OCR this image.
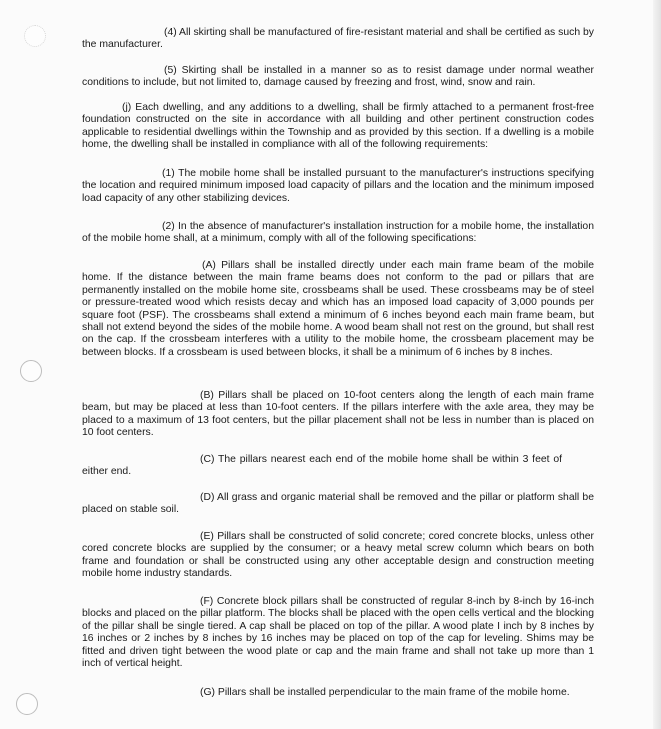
(4) All skirting shall be manufactured of fire-resistant material and shall be certified as such by the manufacturer.

(5) Skirting shall be installed in a manner so as to resist damage under normal weather conditions to include, but not limited to, damage caused by freezing and frost, wind, snow and rain.

(j) Each dwelling, and any additions to a dwelling, shall be firmly attached to a permanent frost-free foundation constructed on the site in accordance with all building and other pertinent construction codes applicable to residential dwellings within the Township and as provided by this section. If a dwelling is a mobile home, the dwelling shall be installed in compliance with all of the following requirements:

(1) The mobile home shall be installed pursuant to the manufacturer's instructions specifying the location and required minimum imposed load capacity of pillars and the location and the minimum imposed load capacity of any other stabilizing devices.

(2) In the absence of manufacturer's installation instruction for a mobile home, the installation of the mobile home shall, at a minimum, comply with all of the following specifications:

(A) Pillars shall be installed directly under each main frame beam of the mobile home. If the distance between the main frame beams does not conform to the pad or pillars that are permanently installed on the mobile home site, crossbeams shall be used. These crossbeams may be of steel or pressure-treated wood which resists decay and which has an imposed load capacity of 3,000 pounds per square foot (PSF). The crossbeams shall extend a minimum of 6 inches beyond each main frame beam, but shall not extend beyond the sides of the mobile home. A wood beam shall not rest on the ground, but shall rest on the cap. If the crossbeam interferes with a utility to the mobile home, the crossbeam placement may be between blocks. If a crossbeam is used between blocks, it shall be a minimum of 6 inches by 8 inches.

(B) Pillars shall be placed on 10-foot centers along the length of each main frame beam, but may be placed at less than 10-foot centers. If the pillars interfere with the axle area, they may be placed to a maximum of 13 foot centers, but the pillar placement shall not be less in number than is placed on 10 foot centers.

(C) The pillars nearest each end of the mobile home shall be within 3 feet of either end.

(D) All grass and organic material shall be removed and the pillar or platform shall be placed on stable soil.

(E) Pillars shall be constructed of solid concrete; cored concrete blocks, unless other cored concrete blocks are supplied by the consumer; or a heavy metal screw column which bears on both frame and foundation or shall be constructed using any other acceptable design and construction meeting mobile home industry standards.

(F) Concrete block pillars shall be constructed of regular 8-inch by 8-inch by 16-inch blocks and placed on the pillar platform. The blocks shall be placed with the open cells vertical and the blocking of the pillar shall be single tiered. A cap shall be placed on top of the pillar. A wood plate I inch by 8 inches by 16 inches or 2 inches by 8 inches by 16 inches may be placed on top of the cap for leveling. Shims may be fitted and driven tight between the wood plate or cap and the main frame and shall not take up more than 1 inch of vertical height.

(G) Pillars shall be installed perpendicular to the main frame of the mobile home.
